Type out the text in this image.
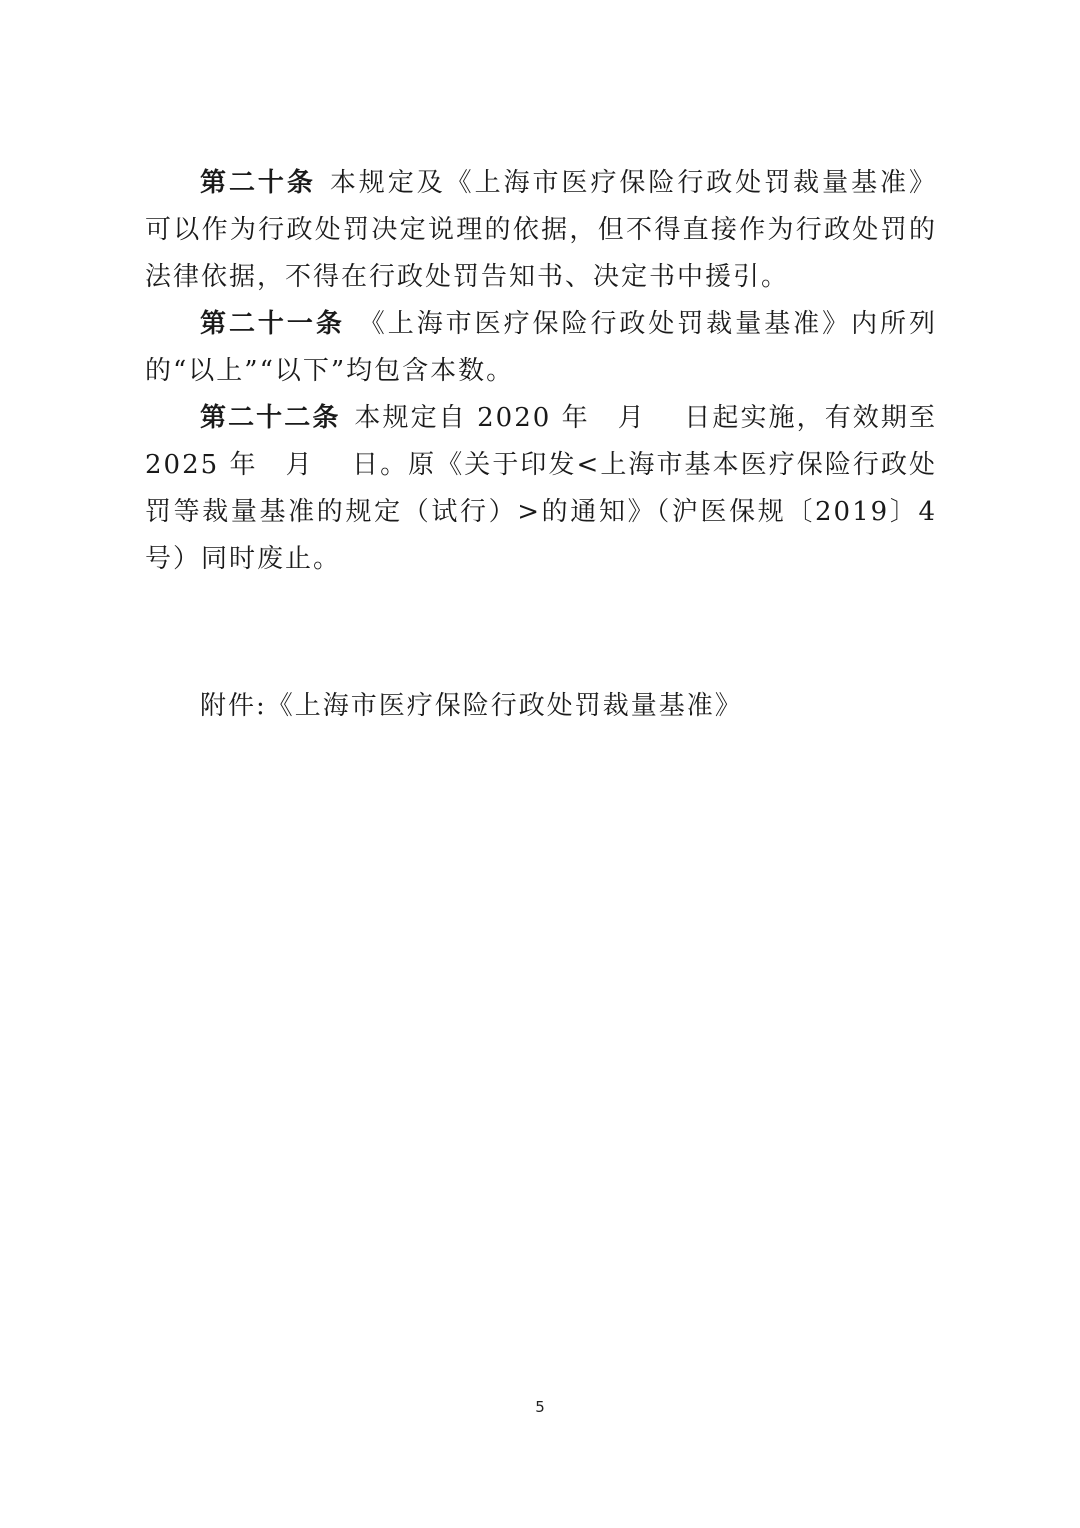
第二十条 本规定及《上海市医疗保险行政处罚裁量基准》可以作为行政处罚决定说理的依据，但不得直接作为行政处罚的法律依据，不得在行政处罚告知书、决定书中援引。

第二十一条 《上海市医疗保险行政处罚裁量基准》内所列的“以上”“以下”均包含本数。

第二十二条 本规定自 2020 年　月　 日起实施，有效期至 2025 年　月　 日。原《关于印发<上海市基本医疗保险行政处罚等裁量基准的规定（试行）>的通知》（沪医保规〔2019〕4 号）同时废止。

附件:《上海市医疗保险行政处罚裁量基准》

5
